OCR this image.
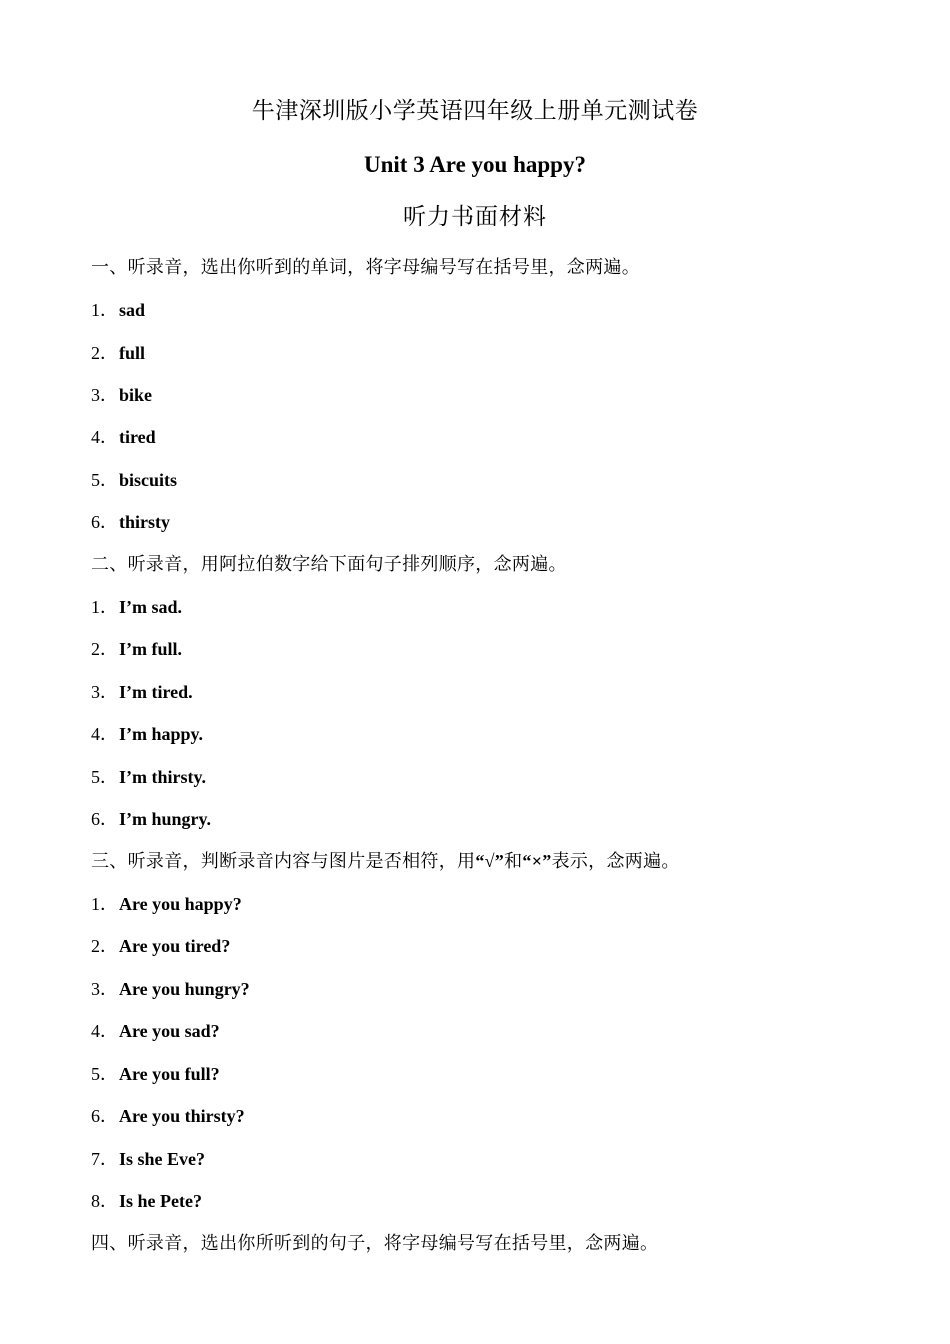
牛津深圳版小学英语四年级上册单元测试卷
Unit 3 Are you happy?
听力书面材料
一、听录音，选出你听到的单词，将字母编号写在括号里，念两遍。
1．sad
2．full
3．bike
4．tired
5．biscuits
6．thirsty
二、听录音，用阿拉伯数字给下面句子排列顺序，念两遍。
1．I’m sad.
2．I’m full.
3．I’m tired.
4．I’m happy.
5．I’m thirsty.
6．I’m hungry.
三、听录音，判断录音内容与图片是否相符，用“√”和“×”表示，念两遍。
1．Are you happy?
2．Are you tired?
3．Are you hungry?
4．Are you sad?
5．Are you full?
6．Are you thirsty?
7．Is she Eve?
8．Is he Pete?
四、听录音，选出你所听到的句子，将字母编号写在括号里，念两遍。
